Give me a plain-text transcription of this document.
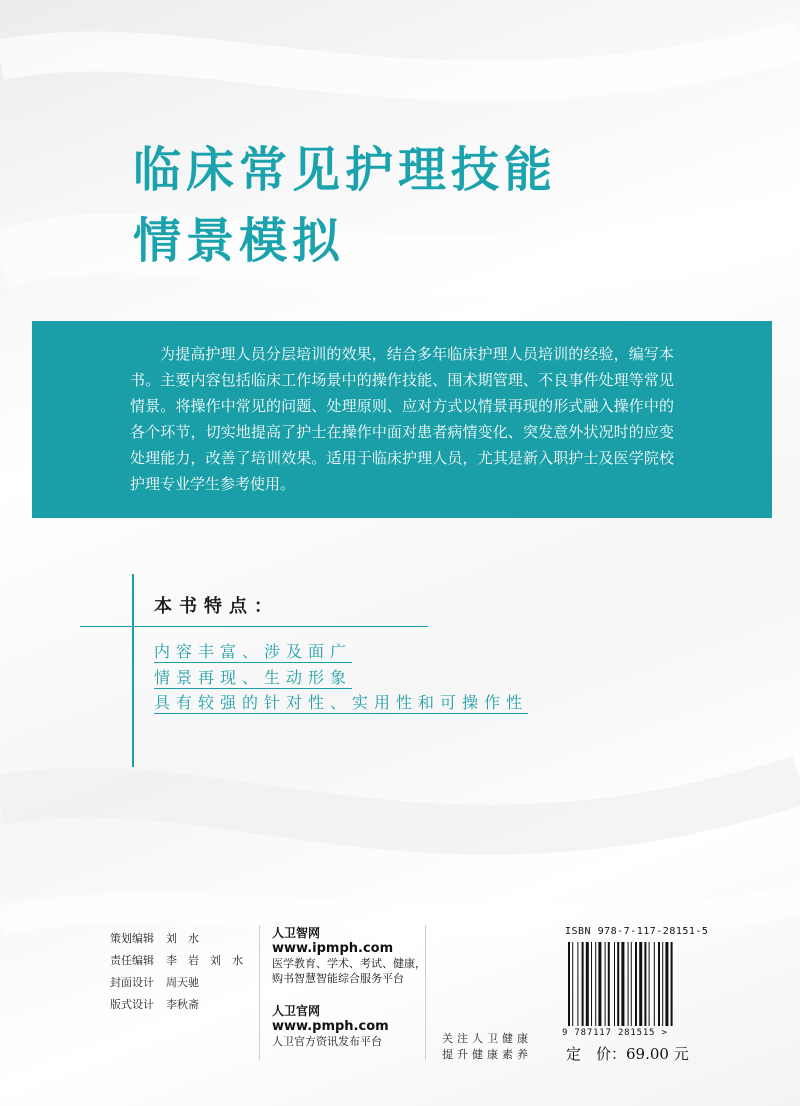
临床常见护理技能
情景模拟

为提高护理人员分层培训的效果，结合多年临床护理人员培训的经验，编写本书。主要内容包括临床工作场景中的操作技能、围术期管理、不良事件处理等常见情景。将操作中常见的问题、处理原则、应对方式以情景再现的形式融入操作中的各个环节，切实地提高了护士在操作中面对患者病情变化、突发意外状况时的应变处理能力，改善了培训效果。适用于临床护理人员，尤其是新入职护士及医学院校护理专业学生参考使用。

本书特点：
内容丰富、涉及面广
情景再现、生动形象
具有较强的针对性、实用性和可操作性
策划编辑 刘　水
责任编辑 李　岩　刘　水
封面设计 周天驰
版式设计 李秋斋
人卫智网
www.ipmph.com
医学教育、学术、考试、健康，
购书智慧智能综合服务平台
人卫官网
www.pmph.com
人卫官方资讯发布平台	关注人卫健康
提升健康素养
ISBN 978-7-117-28151-5
9 787117 281515 >
定　价：69.00 元
